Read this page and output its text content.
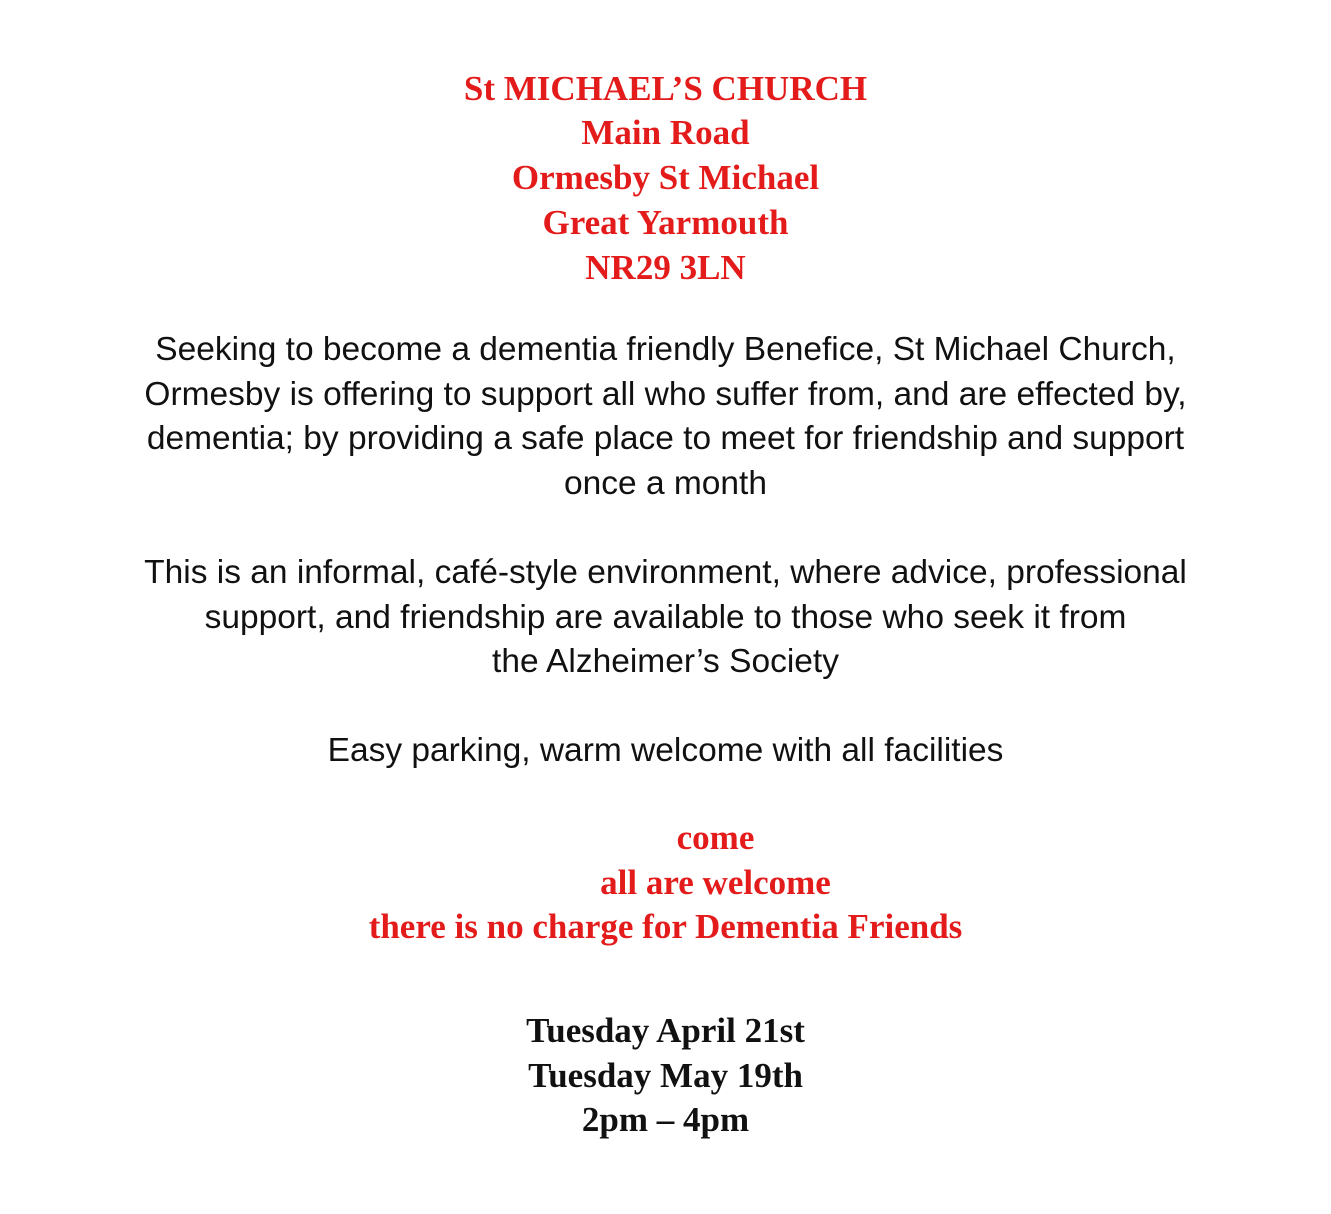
St MICHAEL’S CHURCH

Main Road

Ormesby St Michael

Great Yarmouth

NR29 3LN

Seeking to become a dementia friendly Benefice, St Michael Church,

Ormesby is offering to support all who suffer from, and are effected by,

dementia; by providing a safe place to meet for friendship and support

once a month

This is an informal, café-style environment, where advice, professional

support, and friendship are available to those who seek it from

the Alzheimer’s Society

Easy parking, warm welcome with all facilities

come

all are welcome

there is no charge for Dementia Friends

Tuesday April 21st

Tuesday May 19th

2pm – 4pm
